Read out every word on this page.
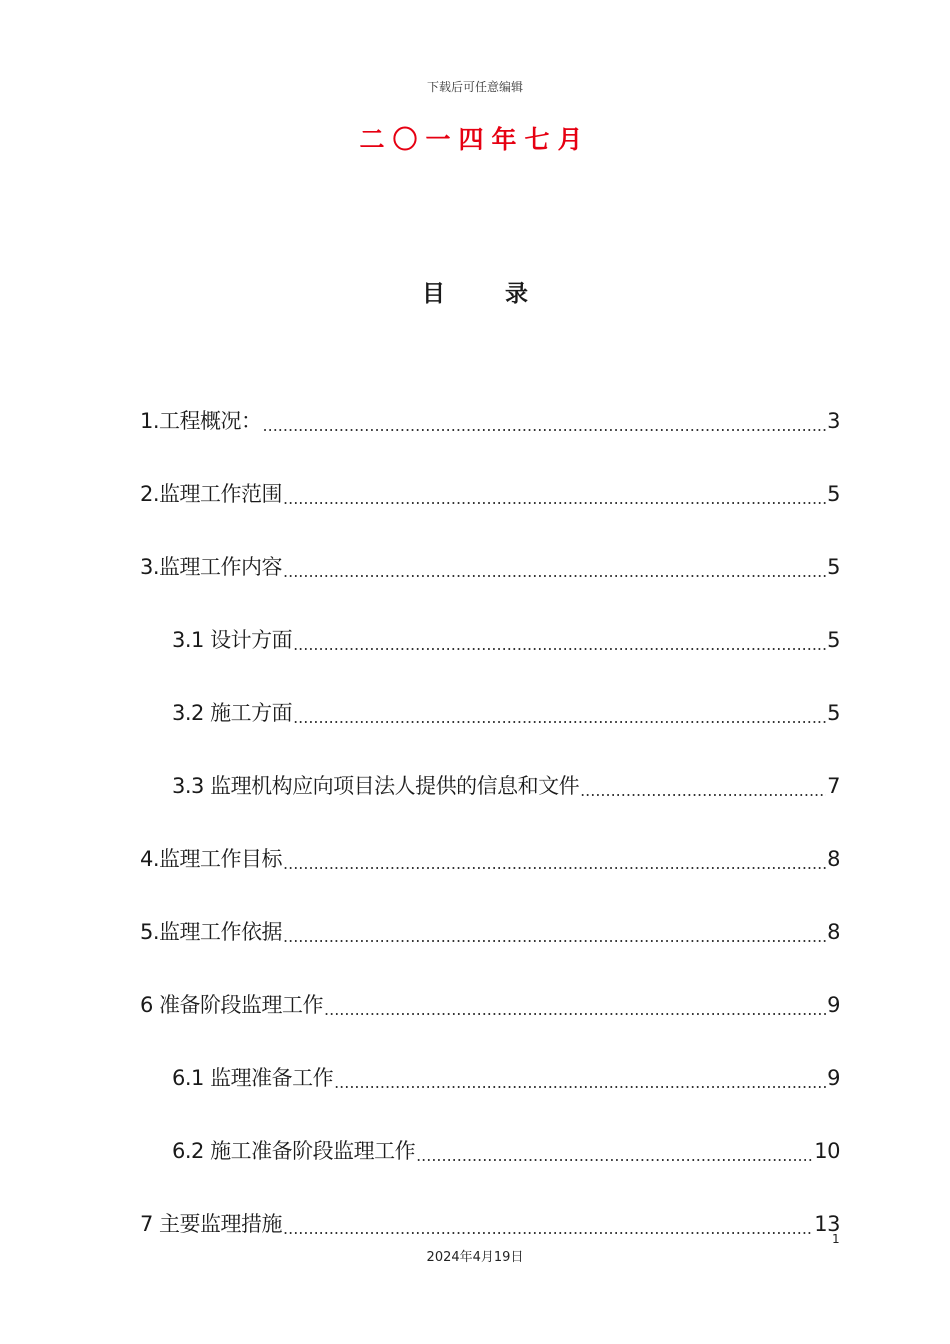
下载后可任意编辑
二〇一四年七月
目 录
1.工程概况： .....	3
2.监理工作范围 .....	5
3.监理工作内容 .....	5
3.1 设计方面 .....	5
3.2 施工方面 .....	5
3.3 监理机构应向项目法人提供的信息和文件 .....	7
4.监理工作目标 .....	8
5.监理工作依据 .....	8
6 准备阶段监理工作 .....	9
6.1 监理准备工作 .....	9
6.2 施工准备阶段监理工作 .....	10
7 主要监理措施 .....	13
1
2024年4月19日
